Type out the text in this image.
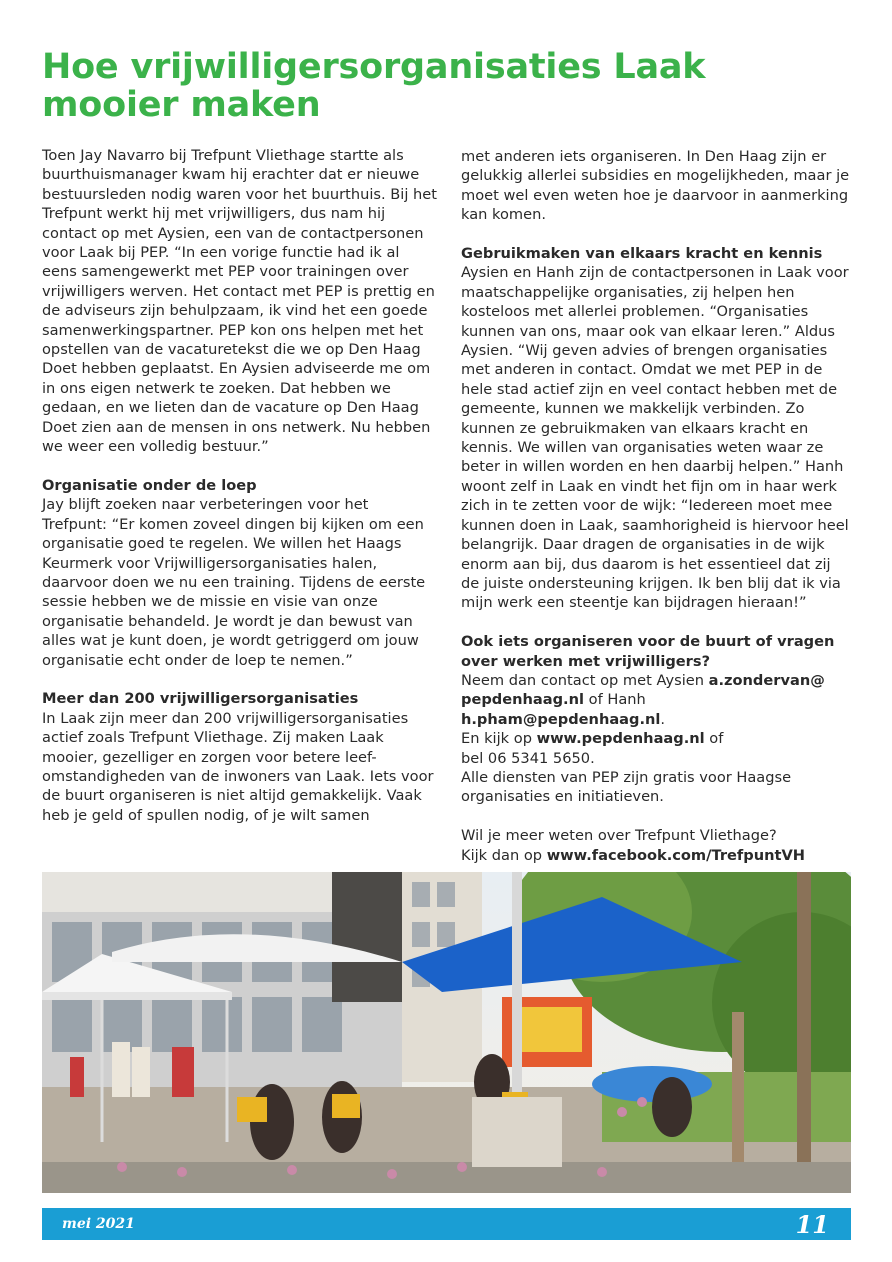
Hoe vrijwilligersorganisaties Laak mooier maken

Toen Jay Navarro bij Trefpunt Vliethage startte als buurthuismanager kwam hij erachter dat er nieuwe bestuursleden nodig waren voor het buurthuis. Bij het Trefpunt werkt hij met vrijwilligers, dus nam hij contact op met Aysien, een van de contactpersonen voor Laak bij PEP. “In een vorige functie had ik al eens samengewerkt met PEP voor trainingen over vrijwilligers werven. Het contact met PEP is prettig en de adviseurs zijn behulpzaam, ik vind het een goede samenwerkingspartner. PEP kon ons helpen met het opstellen van de vacaturetekst die we op Den Haag Doet hebben geplaatst. En Aysien adviseerde me om in ons eigen netwerk te zoeken. Dat hebben we gedaan, en we lieten dan de vacature op Den Haag Doet zien aan de mensen in ons netwerk. Nu hebben we weer een volledig bestuur.”

Organisatie onder de loep

Jay blijft zoeken naar verbeteringen voor het Trefpunt: “Er komen zoveel dingen bij kijken om een organisatie goed te regelen. We willen het Haags Keurmerk voor Vrijwilligersorganisaties halen, daarvoor doen we nu een training. Tijdens de eerste sessie hebben we de missie en visie van onze organisatie behandeld. Je wordt je dan bewust van alles wat je kunt doen, je wordt getriggerd om jouw organisatie echt onder de loep te nemen.”

Meer dan 200 vrijwilligersorganisaties

In Laak zijn meer dan 200 vrijwilligersorganisaties actief zoals Trefpunt Vliethage. Zij maken Laak mooier, gezelliger en zorgen voor betere leef-omstandigheden van de inwoners van Laak. Iets voor de buurt organiseren is niet altijd gemakkelijk. Vaak heb je geld of spullen nodig, of je wilt samen

met anderen iets organiseren. In Den Haag zijn er gelukkig allerlei subsidies en mogelijkheden, maar je moet wel even weten hoe je daarvoor in aanmerking kan komen.

Gebruikmaken van elkaars kracht en kennis

Aysien en Hanh zijn de contactpersonen in Laak voor maatschappelijke organisaties, zij helpen hen kosteloos met allerlei problemen. “Organisaties kunnen van ons, maar ook van elkaar leren.” Aldus Aysien. “Wij geven advies of brengen organisaties met anderen in contact. Omdat we met PEP in de hele stad actief zijn en veel contact hebben met de gemeente, kunnen we makkelijk verbinden. Zo kunnen ze gebruikmaken van elkaars kracht en kennis. We willen van organisaties weten waar ze beter in willen worden en hen daarbij helpen.” Hanh woont zelf in Laak en vindt het fijn om in haar werk zich in te zetten voor de wijk: “Iedereen moet mee kunnen doen in Laak, saamhorigheid is hiervoor heel belangrijk. Daar dragen de organisaties in de wijk enorm aan bij, dus daarom is het essentieel dat zij de juiste ondersteuning krijgen. Ik ben blij dat ik via mijn werk een steentje kan bijdragen hieraan!”

Ook iets organiseren voor de buurt of vragen over werken met vrijwilligers?

Neem dan contact op met Aysien a.zondervan@ pepdenhaag.nl of Hanh h.pham@pepdenhaag.nl.

En kijk op www.pepdenhaag.nl of

bel 06 5341 5650.

Alle diensten van PEP zijn gratis voor Haagse organisaties en initiatieven.

Wil je meer weten over Trefpunt Vliethage?

Kijk dan op www.facebook.com/TrefpuntVH

mei 2021	11
